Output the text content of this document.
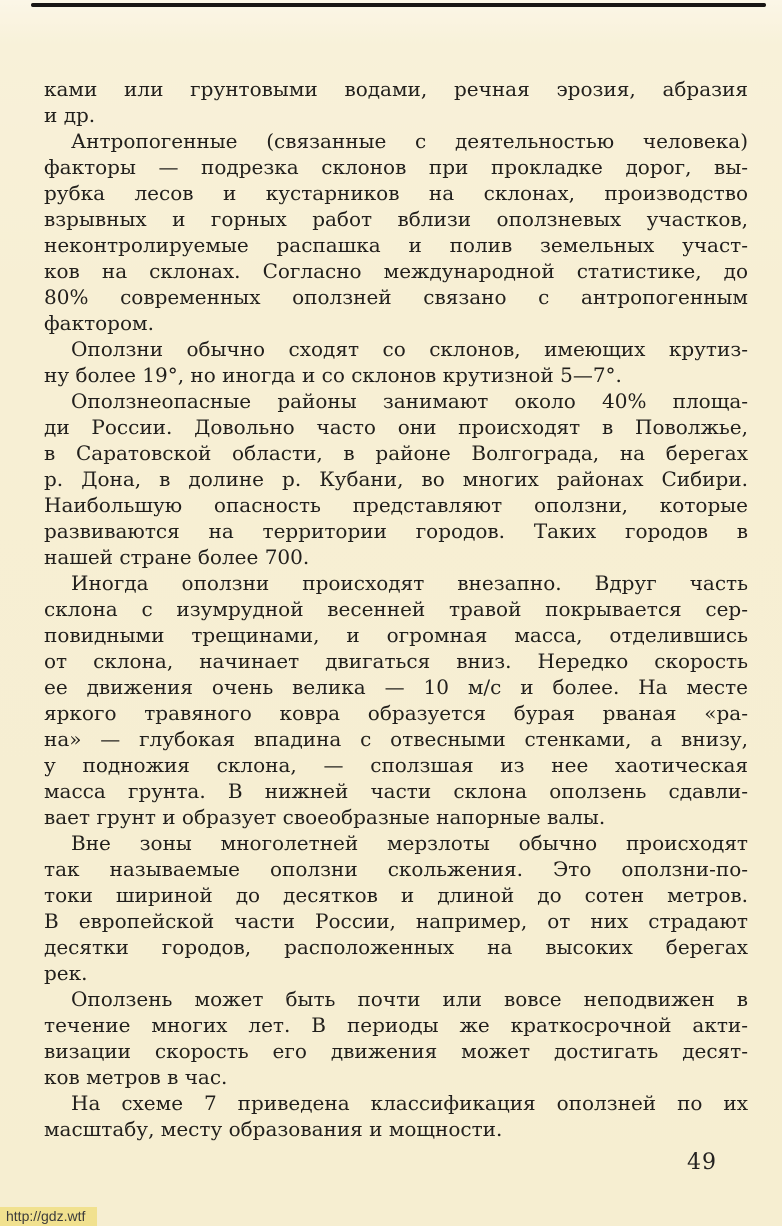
ками или грунтовыми водами, речная эрозия, абразия
и др.
Антропогенные (связанные с деятельностью человека)
факторы — подрезка склонов при прокладке дорог, вы-
рубка лесов и кустарников на склонах, производство
взрывных и горных работ вблизи оползневых участков,
неконтролируемые распашка и полив земельных участ-
ков на склонах. Согласно международной статистике, до
80% современных оползней связано с антропогенным
фактором.
Оползни обычно сходят со склонов, имеющих крутиз-
ну более 19°, но иногда и со склонов крутизной 5—7°.
Оползнеопасные районы занимают около 40% площа-
ди России. Довольно часто они происходят в Поволжье,
в Саратовской области, в районе Волгограда, на берегах
р. Дона, в долине р. Кубани, во многих районах Сибири.
Наибольшую опасность представляют оползни, которые
развиваются на территории городов. Таких городов в
нашей стране более 700.
Иногда оползни происходят внезапно. Вдруг часть
склона с изумрудной весенней травой покрывается сер-
повидными трещинами, и огромная масса, отделившись
от склона, начинает двигаться вниз. Нередко скорость
ее движения очень велика — 10 м/с и более. На месте
яркого травяного ковра образуется бурая рваная «ра-
на» — глубокая впадина с отвесными стенками, а внизу,
у подножия склона, — сползшая из нее хаотическая
масса грунта. В нижней части склона оползень сдавли-
вает грунт и образует своеобразные напорные валы.
Вне зоны многолетней мерзлоты обычно происходят
так называемые оползни скольжения. Это оползни-по-
токи шириной до десятков и длиной до сотен метров.
В европейской части России, например, от них страдают
десятки городов, расположенных на высоких берегах
рек.
Оползень может быть почти или вовсе неподвижен в
течение многих лет. В периоды же краткосрочной акти-
визации скорость его движения может достигать десят-
ков метров в час.
На схеме 7 приведена классификация оползней по их
масштабу, месту образования и мощности.
49
http://gdz.wtf
